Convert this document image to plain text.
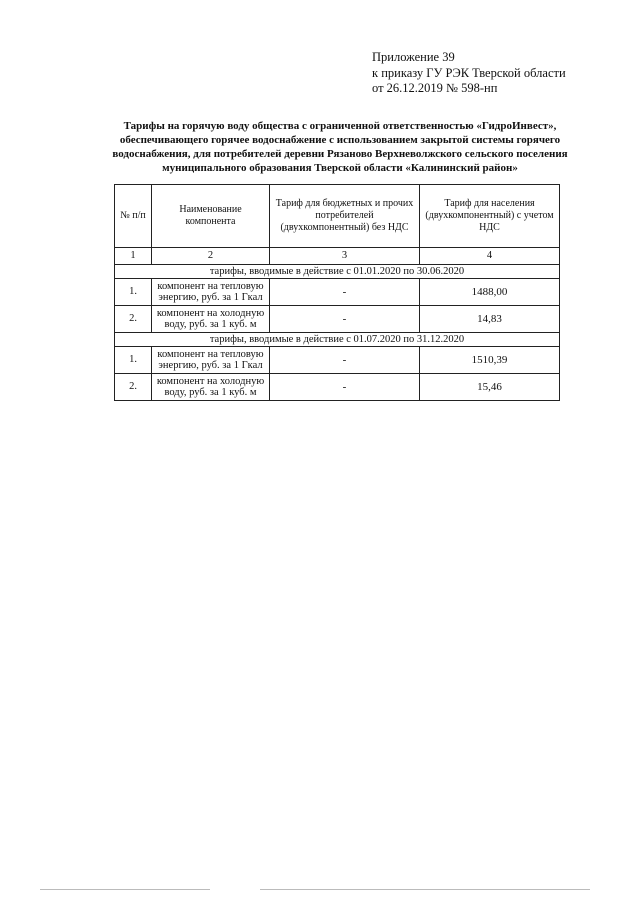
Приложение 39
к приказу ГУ РЭК Тверской области
от 26.12.2019 № 598-нп
Тарифы на горячую воду общества с ограниченной ответственностью «ГидроИнвест»,
обеспечивающего горячее водоснабжение с использованием закрытой системы горячего
водоснабжения, для потребителей деревни Рязаново Верхневолжского сельского поселения
муниципального образования Тверской области «Калининский район»
№ п/п	Наименование компонента	Тариф для бюджетных и прочих потребителей (двухкомпонентный) без НДС	Тариф для населения (двухкомпонентный) с учетом НДС
1	2	3	4
тарифы, вводимые в действие с 01.01.2020 по 30.06.2020			
1.	компонент на тепловую энергию, руб. за 1 Гкал	-	1488,00
2.	компонент на холодную воду, руб. за 1 куб. м	-	14,83
тарифы, вводимые в действие с 01.07.2020 по 31.12.2020			
1.	компонент на тепловую энергию, руб. за 1 Гкал	-	1510,39
2.	компонент на холодную воду, руб. за 1 куб. м	-	15,46
